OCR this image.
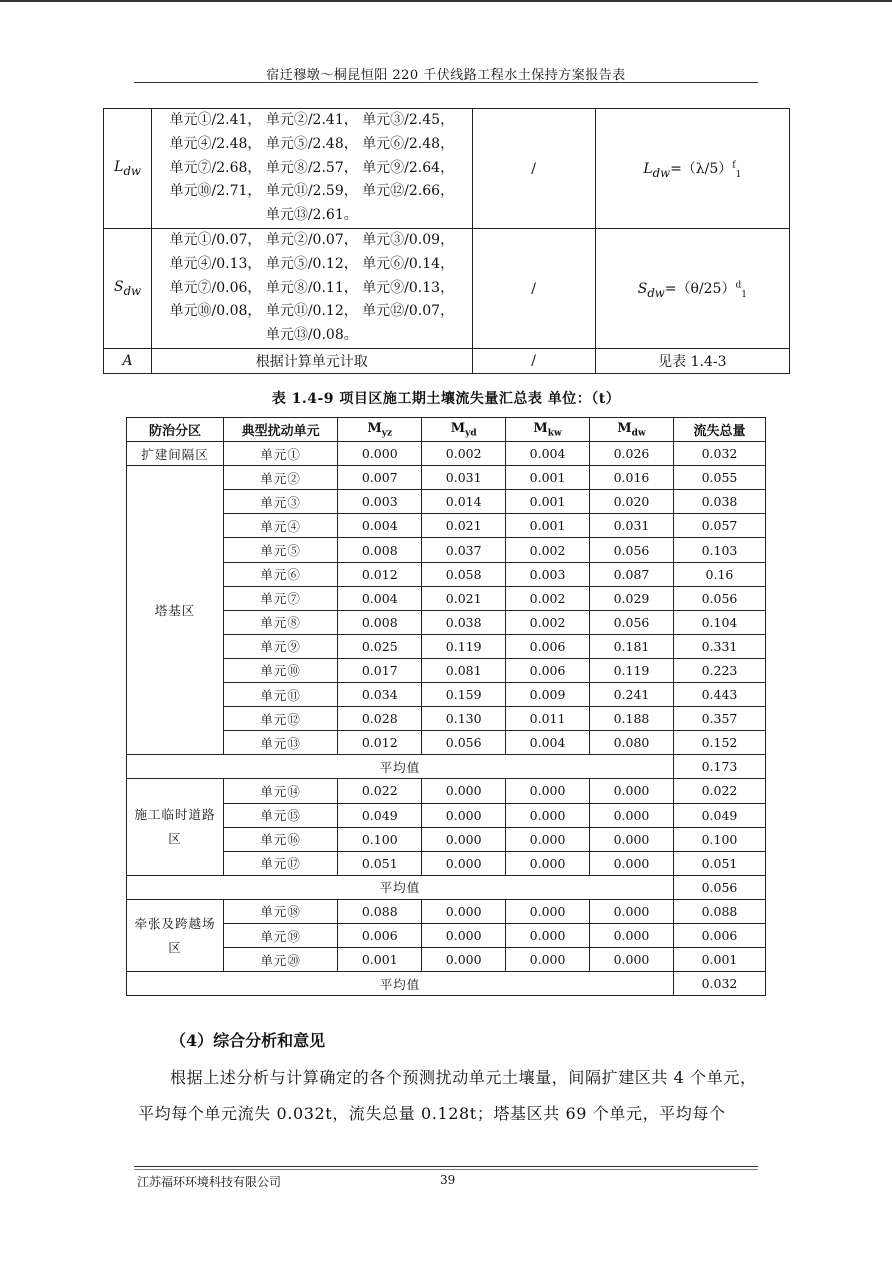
宿迁穆墩～桐昆恒阳 220 千伏线路工程水土保持方案报告表
$L_{dw}$	单元①/2.41， 单元②/2.41， 单元③/2.45，
单元④/2.48， 单元⑤/2.48， 单元⑥/2.48，
单元⑦/2.68， 单元⑧/2.57， 单元⑨/2.64，
单元⑩/2.71， 单元⑪/2.59， 单元⑫/2.66，
单元⑬/2.61。	/	$L_{dw}=(\lambda/5)^f_1$
$S_{dw}$	单元①/0.07， 单元②/0.07， 单元③/0.09，
单元④/0.13， 单元⑤/0.12， 单元⑥/0.14，
单元⑦/0.06， 单元⑧/0.11， 单元⑨/0.13，
单元⑩/0.08， 单元⑪/0.12， 单元⑫/0.07，
单元⑬/0.08。	/	$S_{dw}=(\theta/25)^d_1$
A	根据计算单元计取	/	见表 1.4-3
表 1.4-9 项目区施工期土壤流失量汇总表 单位：（t）
防治分区	典型扰动单元	$M_{yz}$	$M_{yd}$	$M_{kw}$	$M_{dw}$	流失总量
扩建间隔区	单元①	0.000	0.002	0.004	0.026	0.032
塔基区	单元②	0.007	0.031	0.001	0.016	0.055
	单元③	0.003	0.014	0.001	0.020	0.038
	单元④	0.004	0.021	0.001	0.031	0.057
	单元⑤	0.008	0.037	0.002	0.056	0.103
	单元⑥	0.012	0.058	0.003	0.087	0.16
	单元⑦	0.004	0.021	0.002	0.029	0.056
	单元⑧	0.008	0.038	0.002	0.056	0.104
	单元⑨	0.025	0.119	0.006	0.181	0.331
	单元⑩	0.017	0.081	0.006	0.119	0.223
	单元⑪	0.034	0.159	0.009	0.241	0.443
	单元⑫	0.028	0.130	0.011	0.188	0.357
	单元⑬	0.012	0.056	0.004	0.080	0.152
平均值						0.173
施工临时道路
区	单元⑭	0.022	0.000	0.000	0.000	0.022
	单元⑮	0.049	0.000	0.000	0.000	0.049
	单元⑯	0.100	0.000	0.000	0.000	0.100
	单元⑰	0.051	0.000	0.000	0.000	0.051
平均值						0.056
牵张及跨越场
区	单元⑱	0.088	0.000	0.000	0.000	0.088
	单元⑲	0.006	0.000	0.000	0.000	0.006
	单元⑳	0.001	0.000	0.000	0.000	0.001
平均值						0.032
（4）综合分析和意见
根据上述分析与计算确定的各个预测扰动单元土壤量，间隔扩建区共 4 个单元，平均每个单元流失 0.032t，流失总量 0.128t；塔基区共 69 个单元，平均每个
江苏福环环境科技有限公司	39
